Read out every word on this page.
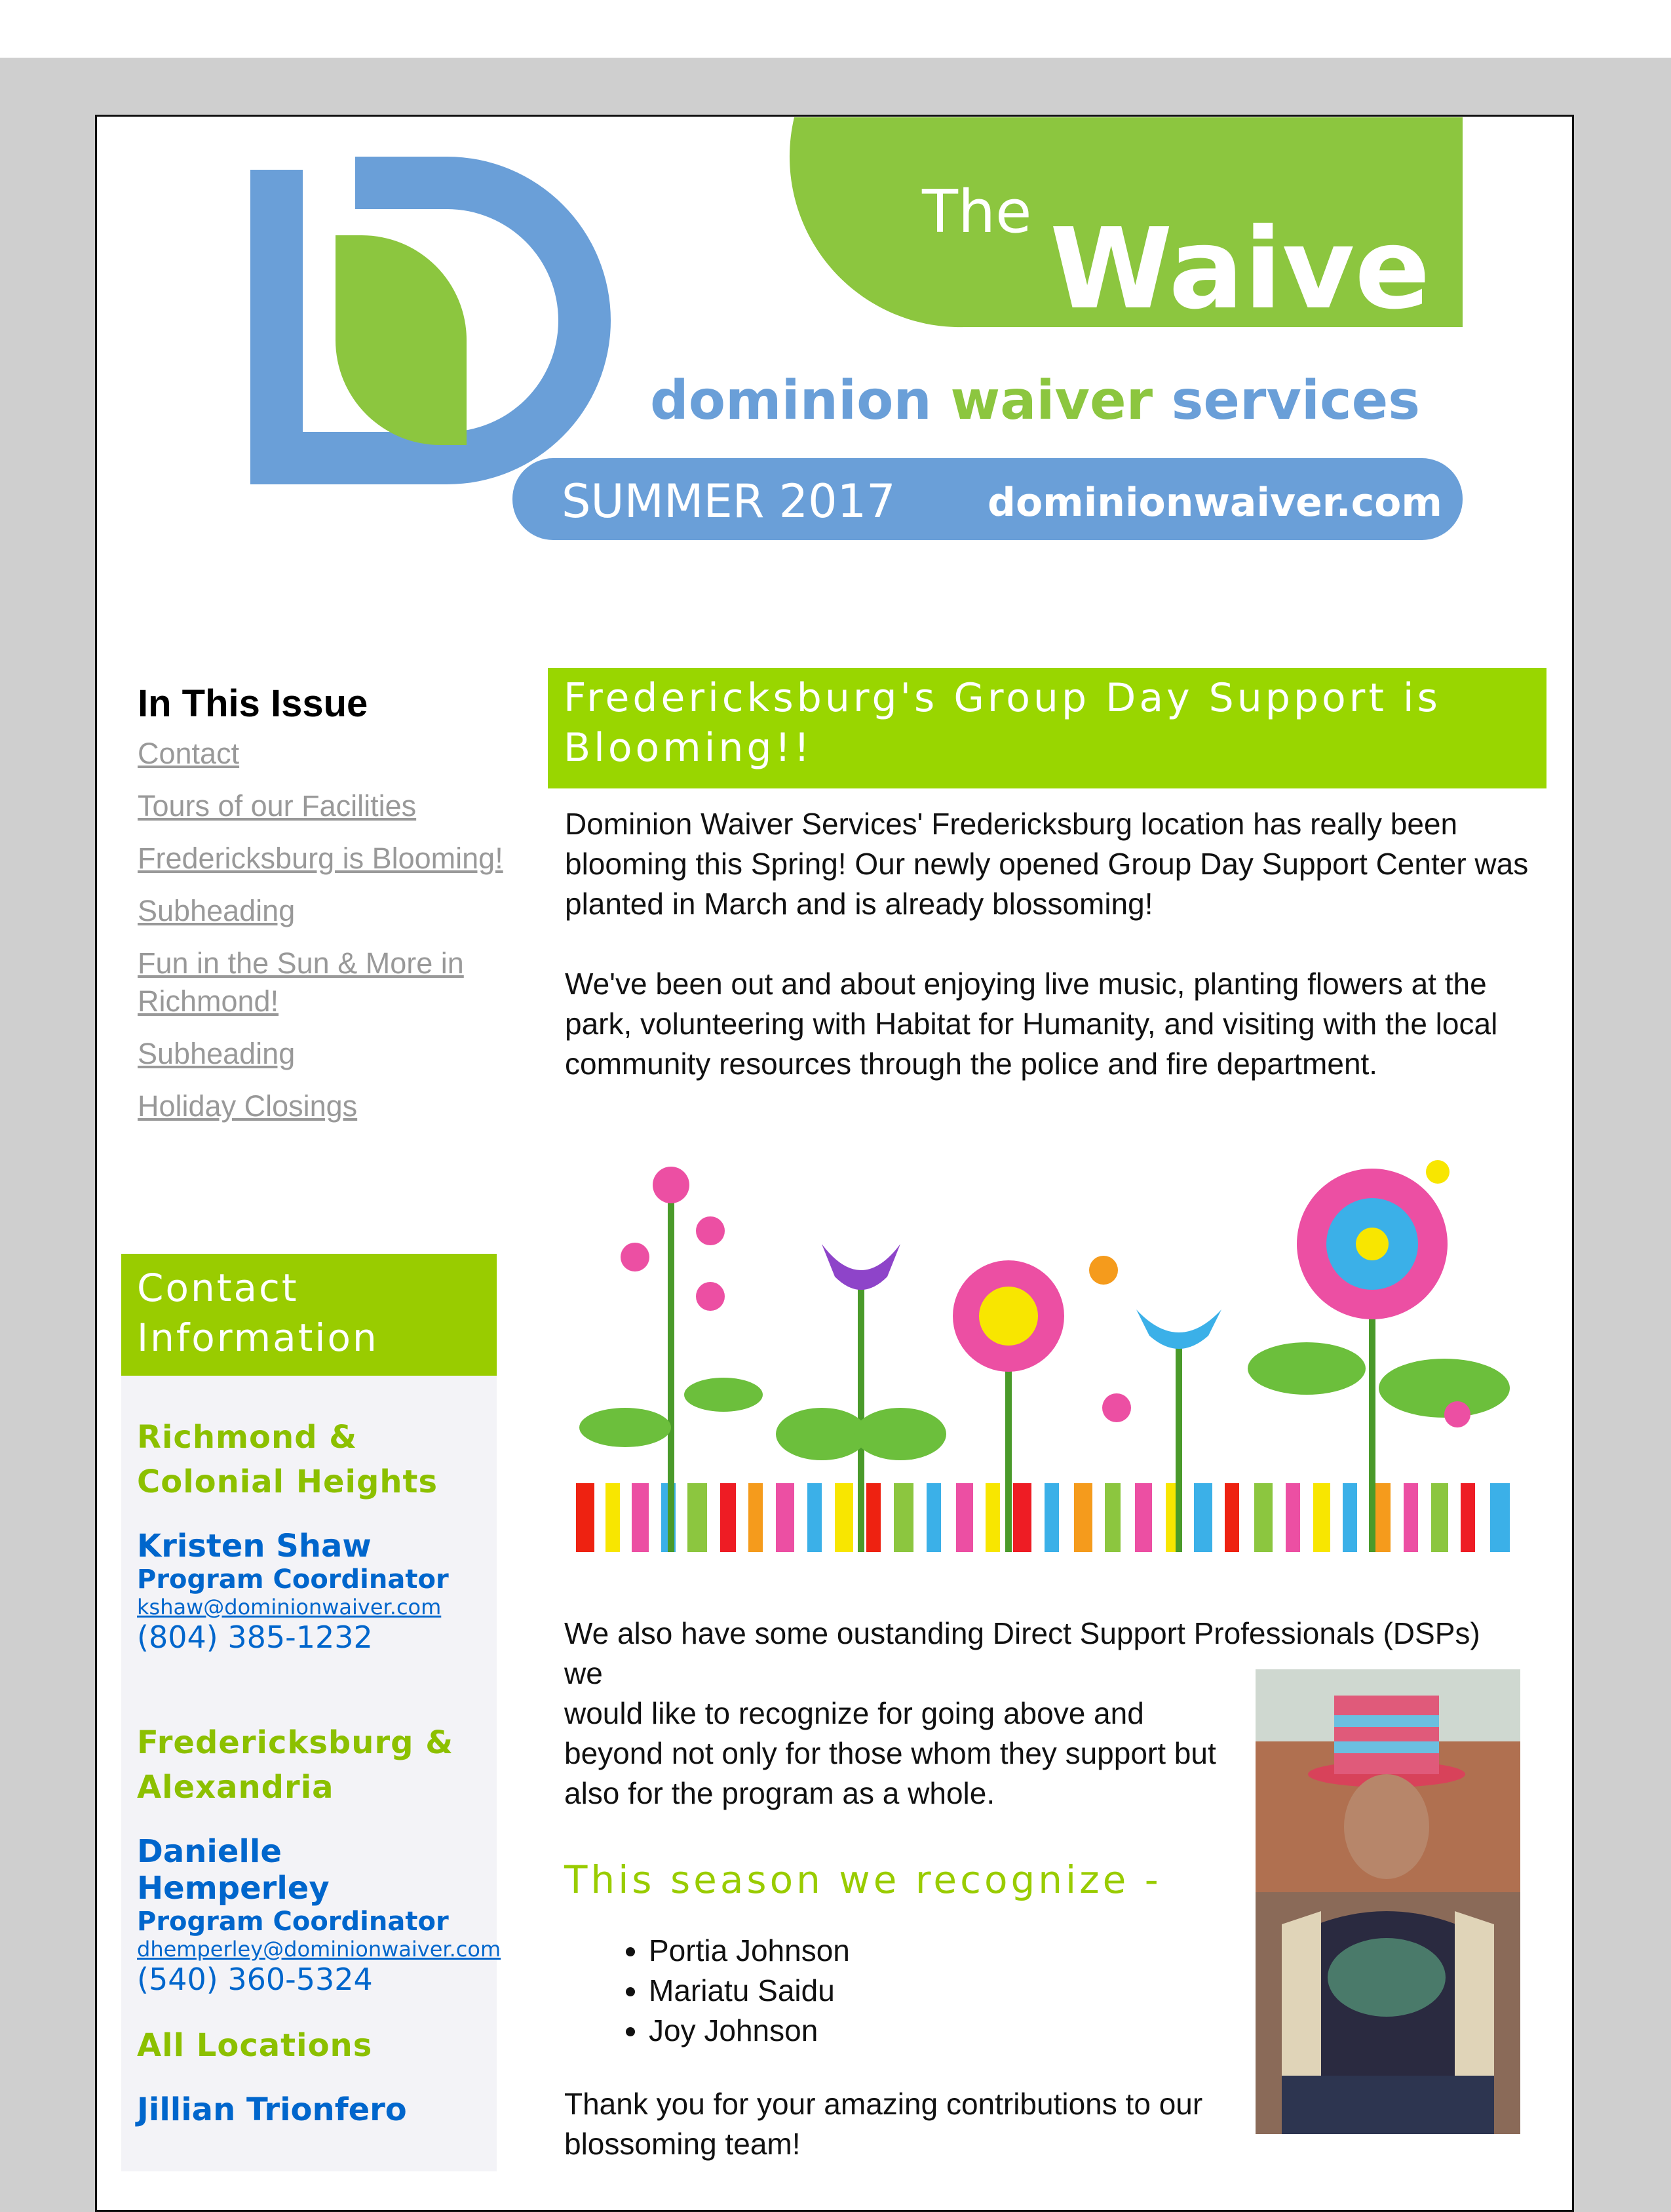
The Waive
dominion waiver services
SUMMER 2017 dominionwaiver.com
In This Issue
Contact
Tours of our Facilities
Fredericksburg is Blooming!
Subheading
Fun in the Sun & More in Richmond!
Subheading
Holiday Closings
Contact Information
Richmond & Colonial Heights
Kristen Shaw
Program Coordinator
kshaw@dominionwaiver.com
(804) 385-1232
Fredericksburg & Alexandria
Danielle Hemperley
Program Coordinator
dhemperley@dominionwaiver.com
(540) 360-5324
All Locations
Jillian Trionfero
Fredericksburg's Group Day Support is Blooming!!

Dominion Waiver Services' Fredericksburg location has really been blooming this Spring! Our newly opened Group Day Support Center was planted in March and is already blossoming!

We've been out and about enjoying live music, planting flowers at the park, volunteering with Habitat for Humanity, and visiting with the local community resources through the police and fire department.

We also have some oustanding Direct Support Professionals (DSPs) we
would like to recognize for going above and beyond not only for those whom they support but also for the program as a whole.
This season we recognize -
• Portia Johnson
• Mariatu Saidu
• Joy Johnson
Thank you for your amazing contributions to our blossoming team!
